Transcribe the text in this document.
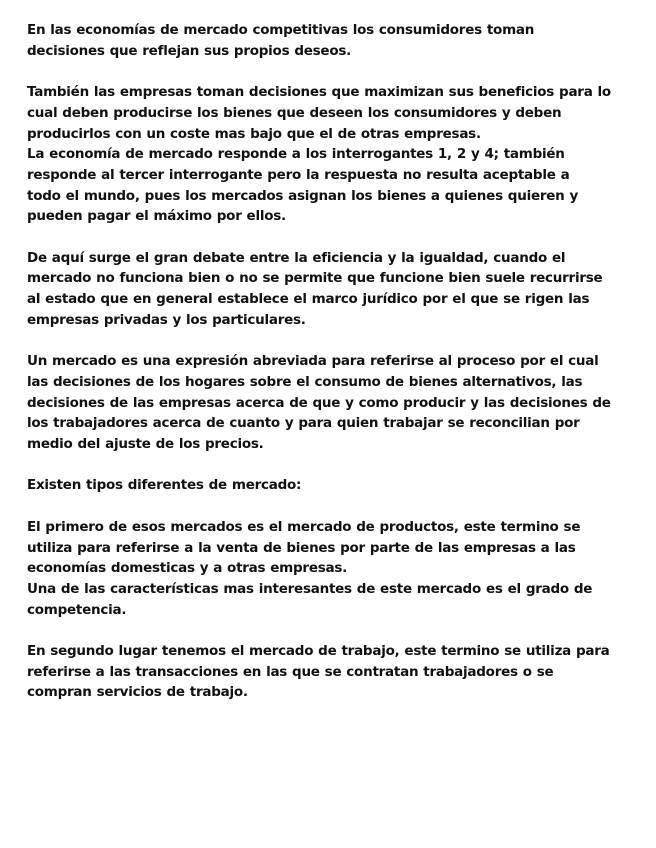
En las economías de mercado competitivas los consumidores toman
decisiones que reflejan sus propios deseos.
También las empresas toman decisiones que maximizan sus beneficios para lo
cual deben producirse los bienes que deseen los consumidores y deben
producirlos con un coste mas bajo que el de otras empresas.
La economía de mercado responde a los interrogantes 1, 2 y 4; también
responde al tercer interrogante pero la respuesta no resulta aceptable a
todo el mundo, pues los mercados asignan los bienes a quienes quieren y
pueden pagar el máximo por ellos.
De aquí surge el gran debate entre la eficiencia y la igualdad, cuando el
mercado no funciona bien o no se permite que funcione bien suele recurrirse
al estado que en general establece el marco jurídico por el que se rigen las
empresas privadas y los particulares.
Un mercado es una expresión abreviada para referirse al proceso por el cual
las decisiones de los hogares sobre el consumo de bienes alternativos, las
decisiones de las empresas acerca de que y como producir y las decisiones de
los trabajadores acerca de cuanto y para quien trabajar se reconcilian por
medio del ajuste de los precios.
Existen tipos diferentes de mercado:
El primero de esos mercados es el mercado de productos, este termino se
utiliza para referirse a la venta de bienes por parte de las empresas a las
economías domesticas y a otras empresas.
Una de las características mas interesantes de este mercado es el grado de
competencia.
En segundo lugar tenemos el mercado de trabajo, este termino se utiliza para
referirse a las transacciones en las que se contratan trabajadores o se
compran servicios de trabajo.
